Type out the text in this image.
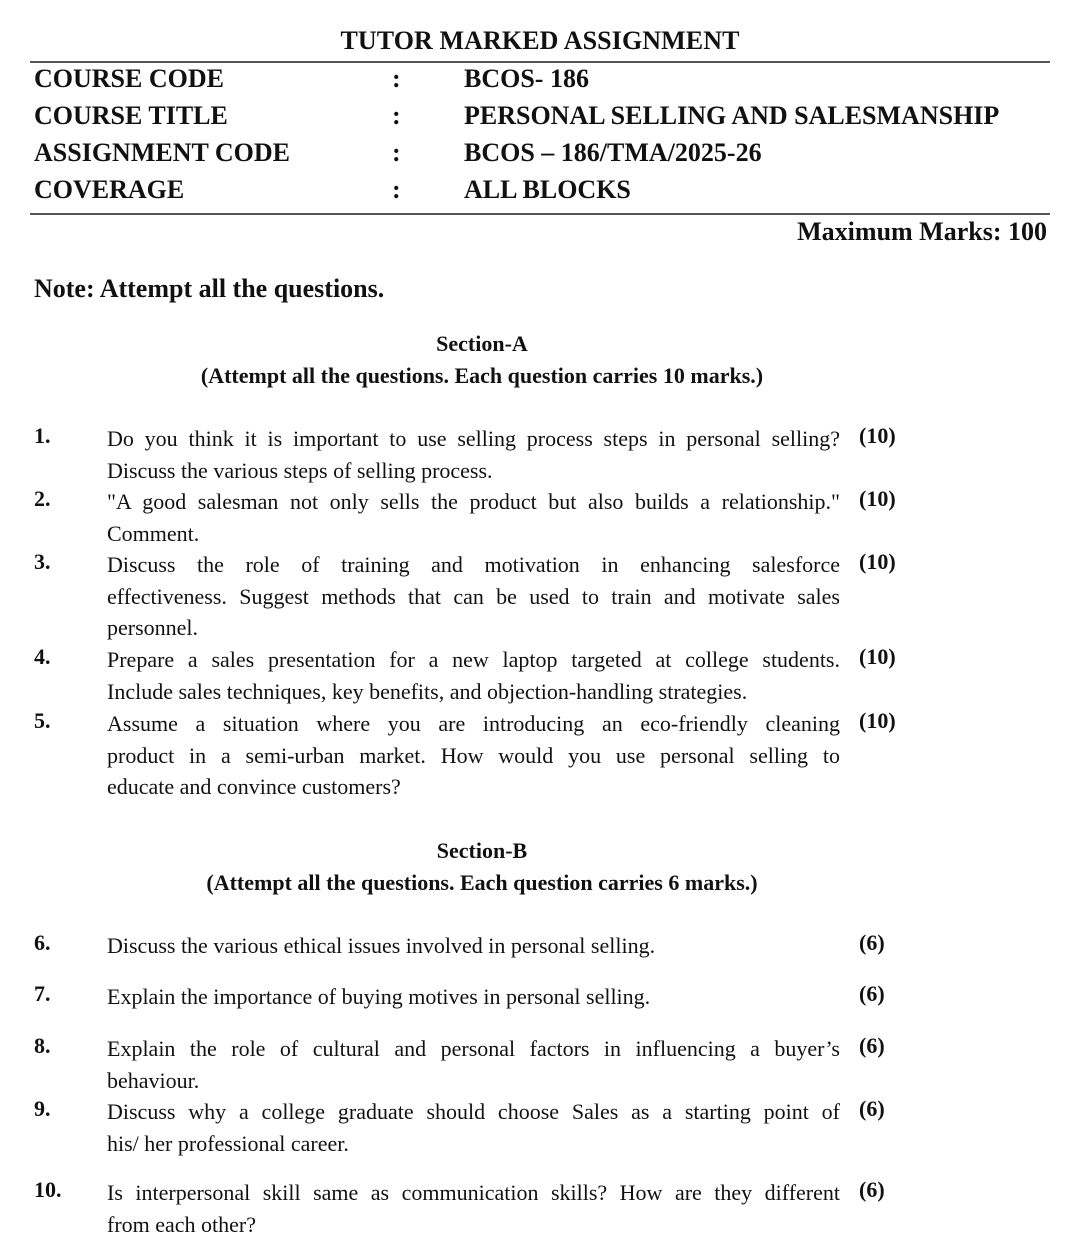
TUTOR MARKED ASSIGNMENT
COURSE CODE	: BCOS- 186
COURSE TITLE	: PERSONAL SELLING AND SALESMANSHIP
ASSIGNMENT CODE	: BCOS – 186/TMA/2025-26
COVERAGE	: ALL BLOCKS
Maximum Marks: 100
Note: Attempt all the questions.
Section-A
(Attempt all the questions. Each question carries 10 marks.)
1.	Do you think it is important to use selling process steps in personal selling?
Discuss the various steps of selling process.
(10)
2.	"A good salesman not only sells the product but also builds a relationship."
Comment.
(10)
3.	Discuss the role of training and motivation in enhancing salesforce
effectiveness. Suggest methods that can be used to train and motivate sales
personnel.
(10)
4.	Prepare a sales presentation for a new laptop targeted at college students.
Include sales techniques, key benefits, and objection-handling strategies.
(10)
5.	Assume a situation where you are introducing an eco-friendly cleaning
product in a semi-urban market. How would you use personal selling to
educate and convince customers?
(10)
Section-B
(Attempt all the questions. Each question carries 6 marks.)
6.	Discuss the various ethical issues involved in personal selling.	(6)
7.	Explain the importance of buying motives in personal selling.	(6)
8.	Explain the role of cultural and personal factors in influencing a buyer’s
behaviour.
(6)
9.	Discuss why a college graduate should choose Sales as a starting point of
his/ her professional career.
(6)
10. Is interpersonal skill same as communication skills? How are they different
from each other?
(6)
